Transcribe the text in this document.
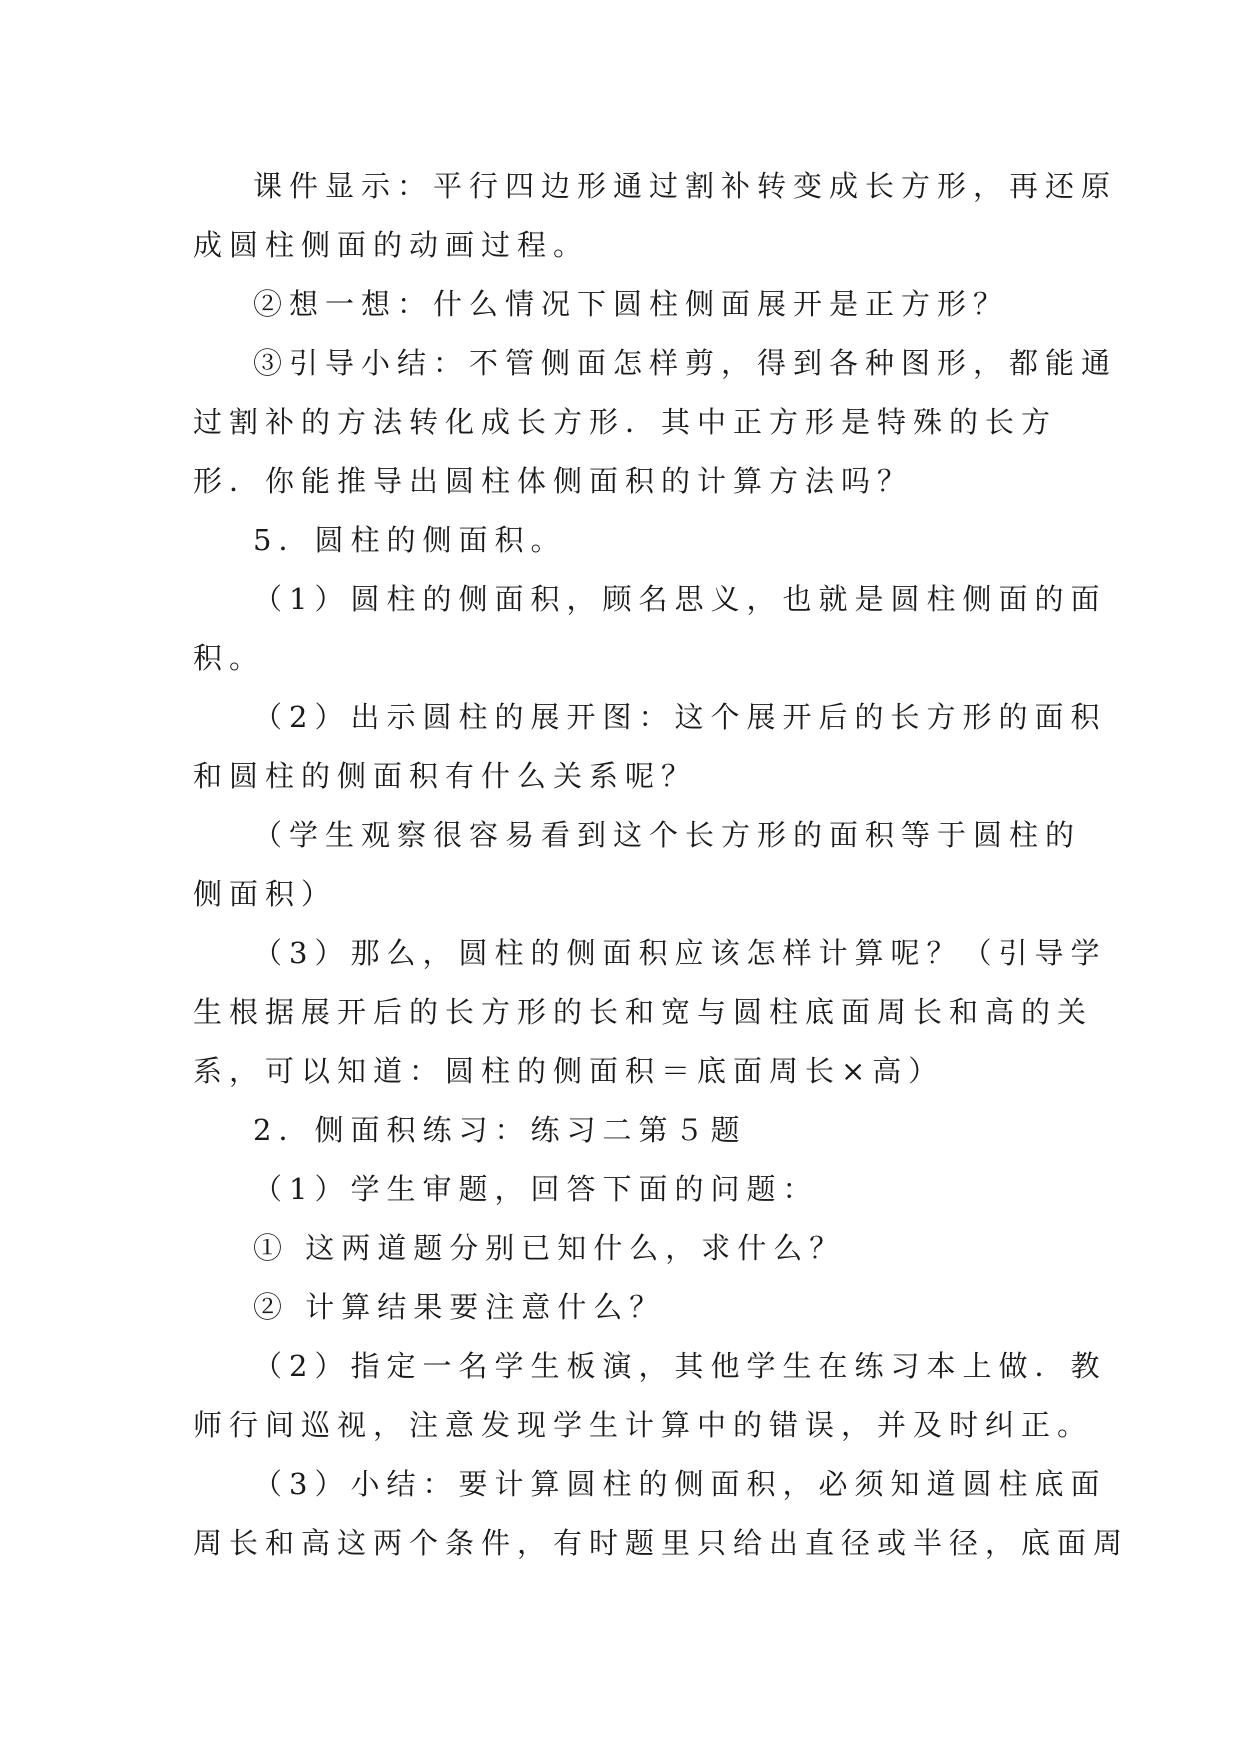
课件显示：平行四边形通过割补转变成长方形，再还原
成圆柱侧面的动画过程。
②想一想：什么情况下圆柱侧面展开是正方形？
③引导小结：不管侧面怎样剪，得到各种图形，都能通
过割补的方法转化成长方形．其中正方形是特殊的长方
形．你能推导出圆柱体侧面积的计算方法吗？
5．圆柱的侧面积。
（1）圆柱的侧面积，顾名思义，也就是圆柱侧面的面
积。
（2）出示圆柱的展开图：这个展开后的长方形的面积
和圆柱的侧面积有什么关系呢？
（学生观察很容易看到这个长方形的面积等于圆柱的
侧面积）
（3）那么，圆柱的侧面积应该怎样计算呢？（引导学
生根据展开后的长方形的长和宽与圆柱底面周长和高的关
系，可以知道：圆柱的侧面积＝底面周长×高）
2．侧面积练习：练习二第５题
（1）学生审题，回答下面的问题：
① 这两道题分别已知什么，求什么？
② 计算结果要注意什么？
（2）指定一名学生板演，其他学生在练习本上做．教
师行间巡视，注意发现学生计算中的错误，并及时纠正。
（3）小结：要计算圆柱的侧面积，必须知道圆柱底面
周长和高这两个条件，有时题里只给出直径或半径，底面周
